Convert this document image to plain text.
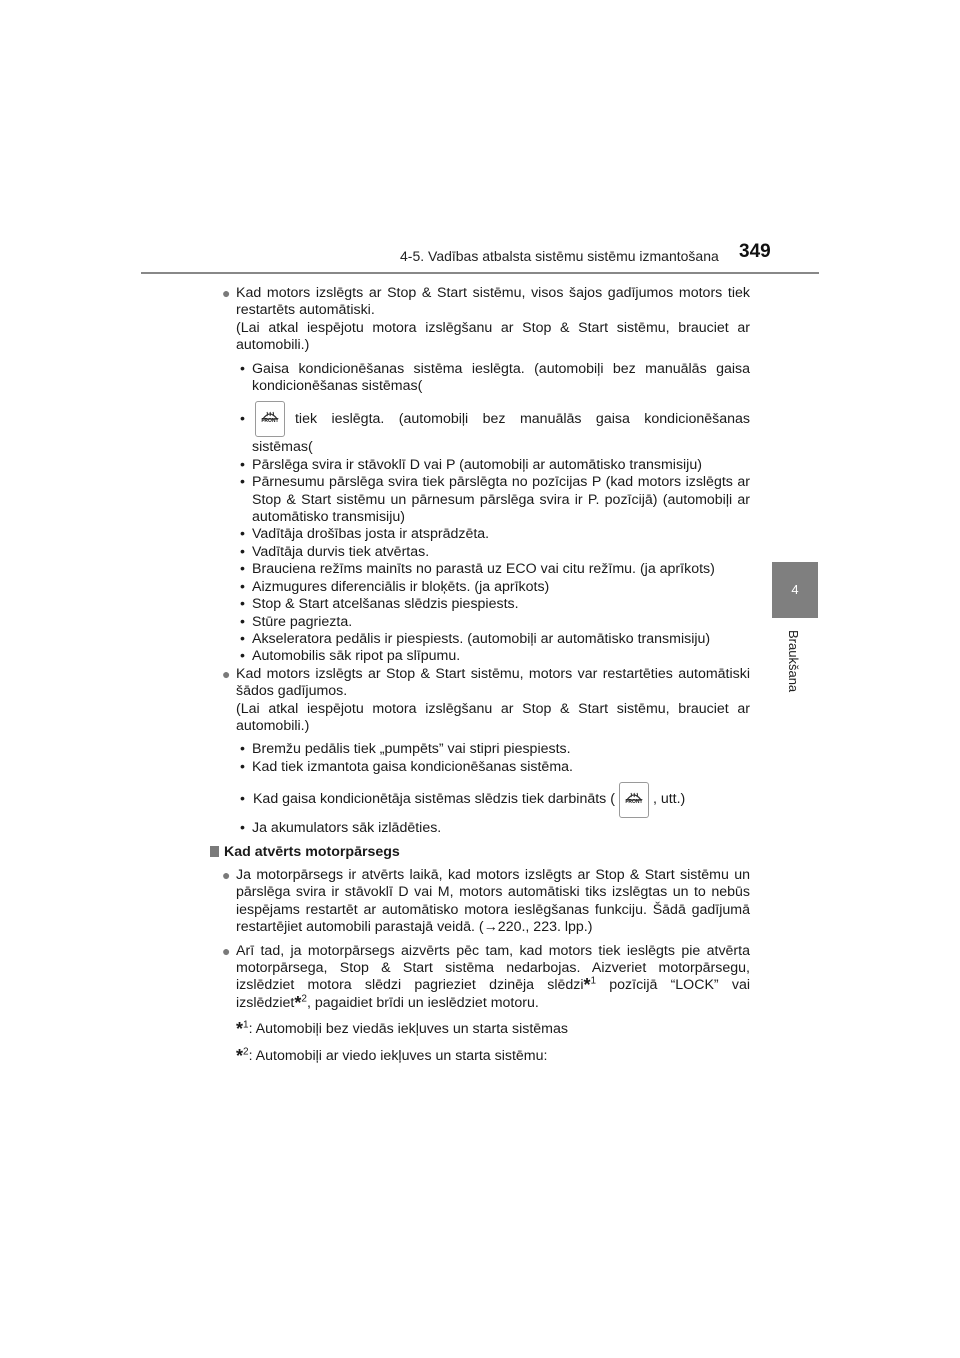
4-5. Vadības atbalsta sistēmu sistēmu izmantošana 349
4
Braukšana
● Kad motors izslēgts ar Stop & Start sistēmu, visos šajos gadījumos motors tiek restartēts automātiski.
(Lai atkal iespējotu motora izslēgšanu ar Stop & Start sistēmu, brauciet ar automobili.)
• Gaisa kondicionēšanas sistēma ieslēgta. (automobiļi bez manuālās gaisa kondicionēšanas sistēmas(
•	FRONT	tiek ieslēgta. (automobiļi bez manuālās gaisa kondicionēšanas
sistēmas(
• Pārslēga svira ir stāvoklī D vai P (automobiļi ar automātisko transmisiju)
• Pārnesumu pārslēga svira tiek pārslēgta no pozīcijas P (kad motors izslēgts ar Stop & Start sistēmu un pārnesum pārslēga svira ir P. pozīcijā) (automobiļi ar automātisko transmisiju)
• Vadītāja drošības josta ir atsprādzēta.
• Vadītāja durvis tiek atvērtas.
• Brauciena režīms mainīts no parastā uz ECO vai citu režīmu. (ja aprīkots)
• Aizmugures diferenciālis ir bloķēts. (ja aprīkots)
• Stop & Start atcelšanas slēdzis piespiests.
• Stūre pagriezta.
• Akseleratora pedālis ir piespiests. (automobiļi ar automātisko transmisiju)
• Automobilis sāk ripot pa slīpumu.
● Kad motors izslēgts ar Stop & Start sistēmu, motors var restartēties automātiski šādos gadījumos.
(Lai atkal iespējotu motora izslēgšanu ar Stop & Start sistēmu, brauciet ar automobili.)
• Bremžu pedālis tiek „pumpēts” vai stipri piespiests.
• Kad tiek izmantota gaisa kondicionēšanas sistēma.
• Kad gaisa kondicionētāja sistēmas slēdzis tiek darbināts (	FRONT , utt.)
• Ja akumulators sāk izlādēties.
Kad atvērts motorpārsegs
● Ja motorpārsegs ir atvērts laikā, kad motors izslēgts ar Stop & Start sistēmu un pārslēga svira ir stāvoklī D vai M, motors automātiski tiks izslēgtas un to nebūs iespējams restartēt ar automātisko motora ieslēgšanas funkciju. Šādā gadījumā restartējiet automobili parastajā veidā. (→220., 223. lpp.)
● Arī tad, ja motorpārsegs aizvērts pēc tam, kad motors tiek ieslēgts pie atvērta motorpārsega, Stop & Start sistēma nedarbojas. Aizveriet motorpārsegu, izslēdziet motora slēdzi pagrieziet dzinēja slēdzi*$^1$ pozīcijā “LOCK” vai izslēdziet*$^2$, pagaidiet brīdi un ieslēdziet motoru.
*$^1$: Automobiļi bez viedās iekļuves un starta sistēmas
*$^2$: Automobiļi ar viedo iekļuves un starta sistēmu:
